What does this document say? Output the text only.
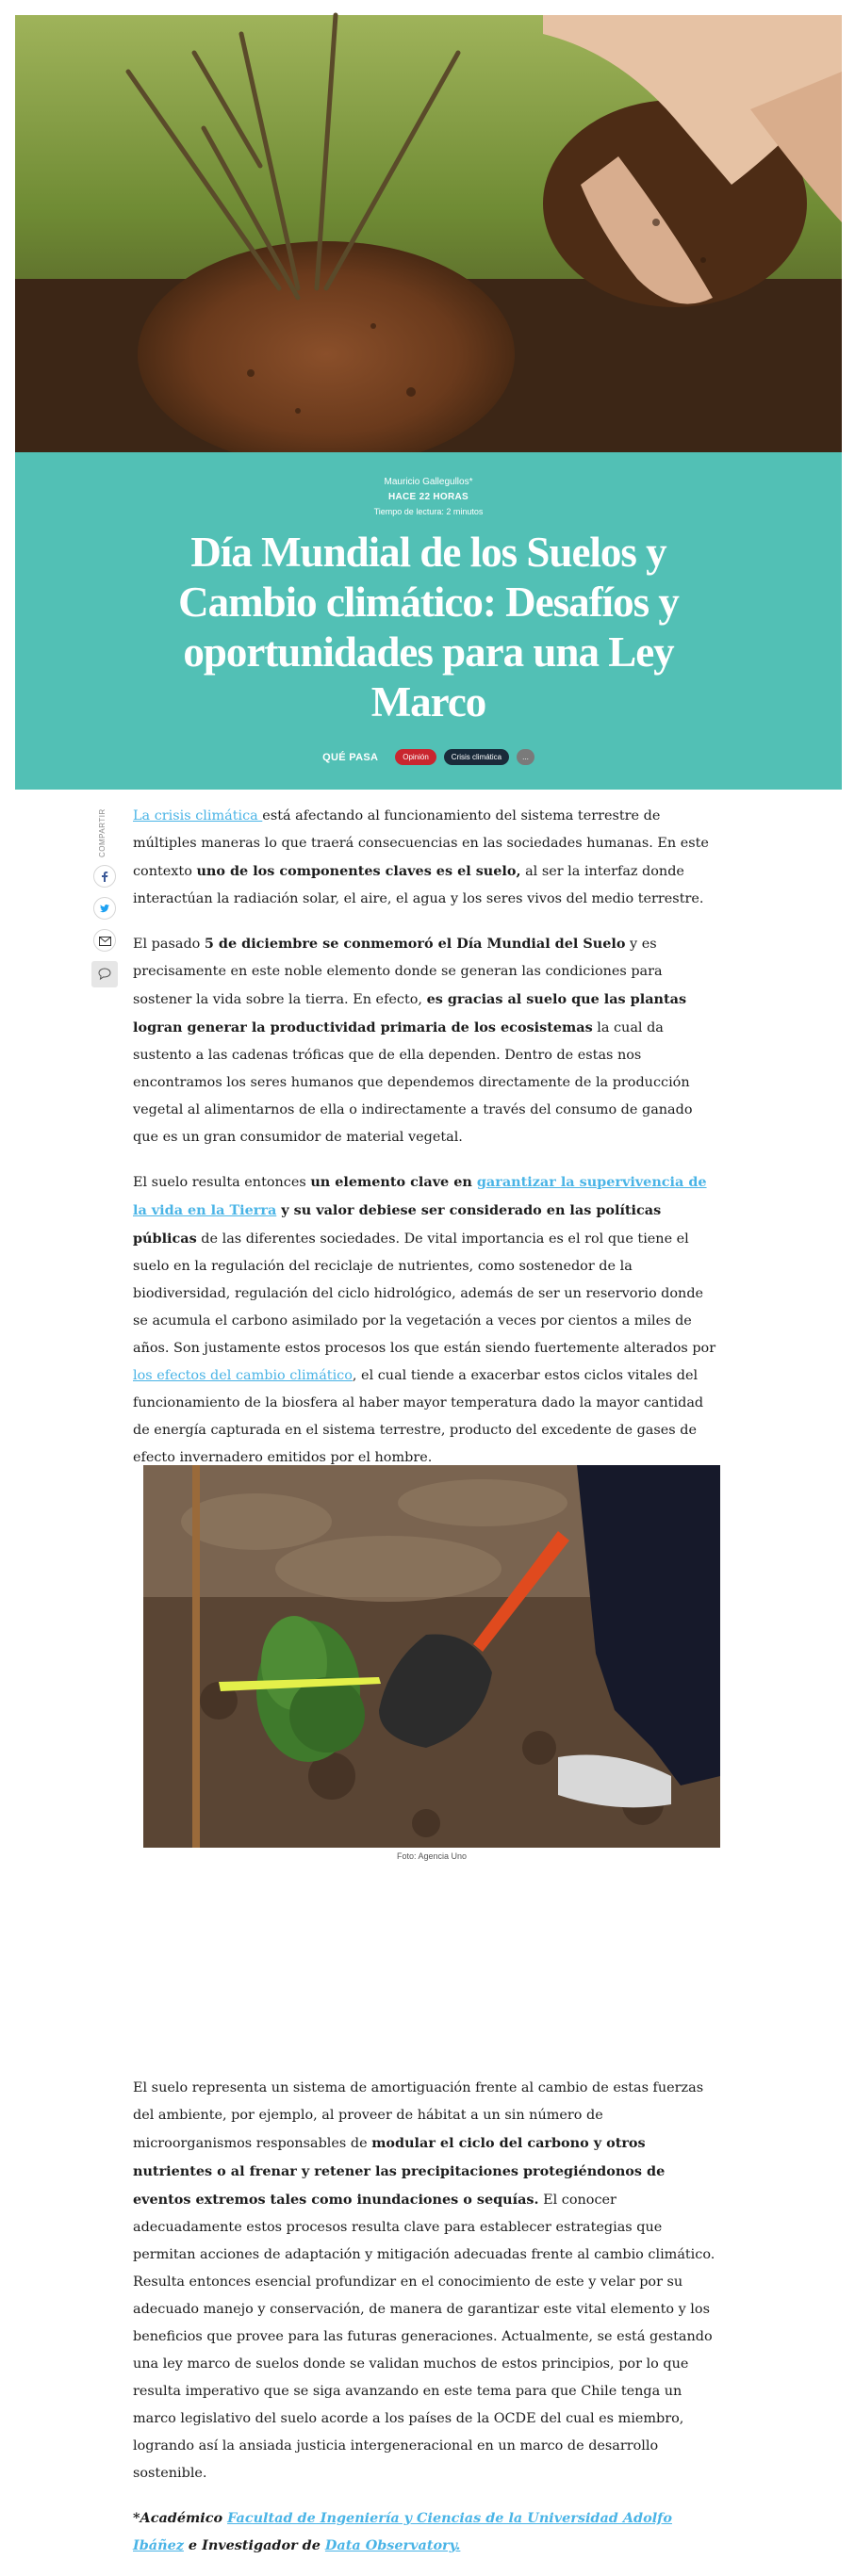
Mauricio Gallegullos*
HACE 22 HORAS
Tiempo de lectura: 2 minutos
Día Mundial de los Suelos y Cambio climático: Desafíos y oportunidades para una Ley Marco
QUÉ PASA	Opinión	Crisis climática	...
COMPARTIR La crisis climática está afectando al funcionamiento del sistema terrestre de múltiples maneras lo que traerá consecuencias en las sociedades humanas. En este contexto uno de los componentes claves es el suelo, al ser la interfaz donde interactúan la radiación solar, el aire, el agua y los seres vivos del medio terrestre.

El pasado 5 de diciembre se conmemoró el Día Mundial del Suelo y es precisamente en este noble elemento donde se generan las condiciones para sostener la vida sobre la tierra. En efecto, es gracias al suelo que las plantas logran generar la productividad primaria de los ecosistemas la cual da sustento a las cadenas tróficas que de ella dependen. Dentro de estas nos encontramos los seres humanos que dependemos directamente de la producción vegetal al alimentarnos de ella o indirectamente a través del consumo de ganado que es un gran consumidor de material vegetal.

El suelo resulta entonces un elemento clave en garantizar la supervivencia de la vida en la Tierra y su valor debiese ser considerado en las políticas públicas de las diferentes sociedades. De vital importancia es el rol que tiene el suelo en la regulación del reciclaje de nutrientes, como sostenedor de la biodiversidad, regulación del ciclo hidrológico, además de ser un reservorio donde se acumula el carbono asimilado por la vegetación a veces por cientos a miles de años. Son justamente estos procesos los que están siendo fuertemente alterados por los efectos del cambio climático, el cual tiende a exacerbar estos ciclos vitales del funcionamiento de la biosfera al haber mayor temperatura dado la mayor cantidad de energía capturada en el sistema terrestre, producto del excedente de gases de efecto invernadero emitidos por el hombre.

El suelo representa un sistema de amortiguación frente al cambio de estas fuerzas del ambiente, por ejemplo, al proveer de hábitat a un sin número de microorganismos responsables de modular el ciclo del carbono y otros nutrientes o al frenar y retener las precipitaciones protegiéndonos de eventos extremos tales como inundaciones o sequías. El conocer adecuadamente estos procesos resulta clave para establecer estrategias que permitan acciones de adaptación y mitigación adecuadas frente al cambio climático. Resulta entonces esencial profundizar en el conocimiento de este y velar por su adecuado manejo y conservación, de manera de garantizar este vital elemento y los beneficios que provee para las futuras generaciones. Actualmente, se está gestando una ley marco de suelos donde se validan muchos de estos principios, por lo que resulta imperativo que se siga avanzando en este tema para que Chile tenga un marco legislativo del suelo acorde a los países de la OCDE del cual es miembro, logrando así la ansiada justicia intergeneracional en un marco de desarrollo sostenible.

*Académico Facultad de Ingeniería y Ciencias de la Universidad Adolfo Ibáñez e Investigador de Data Observatory.

Foto: Agencia Uno
